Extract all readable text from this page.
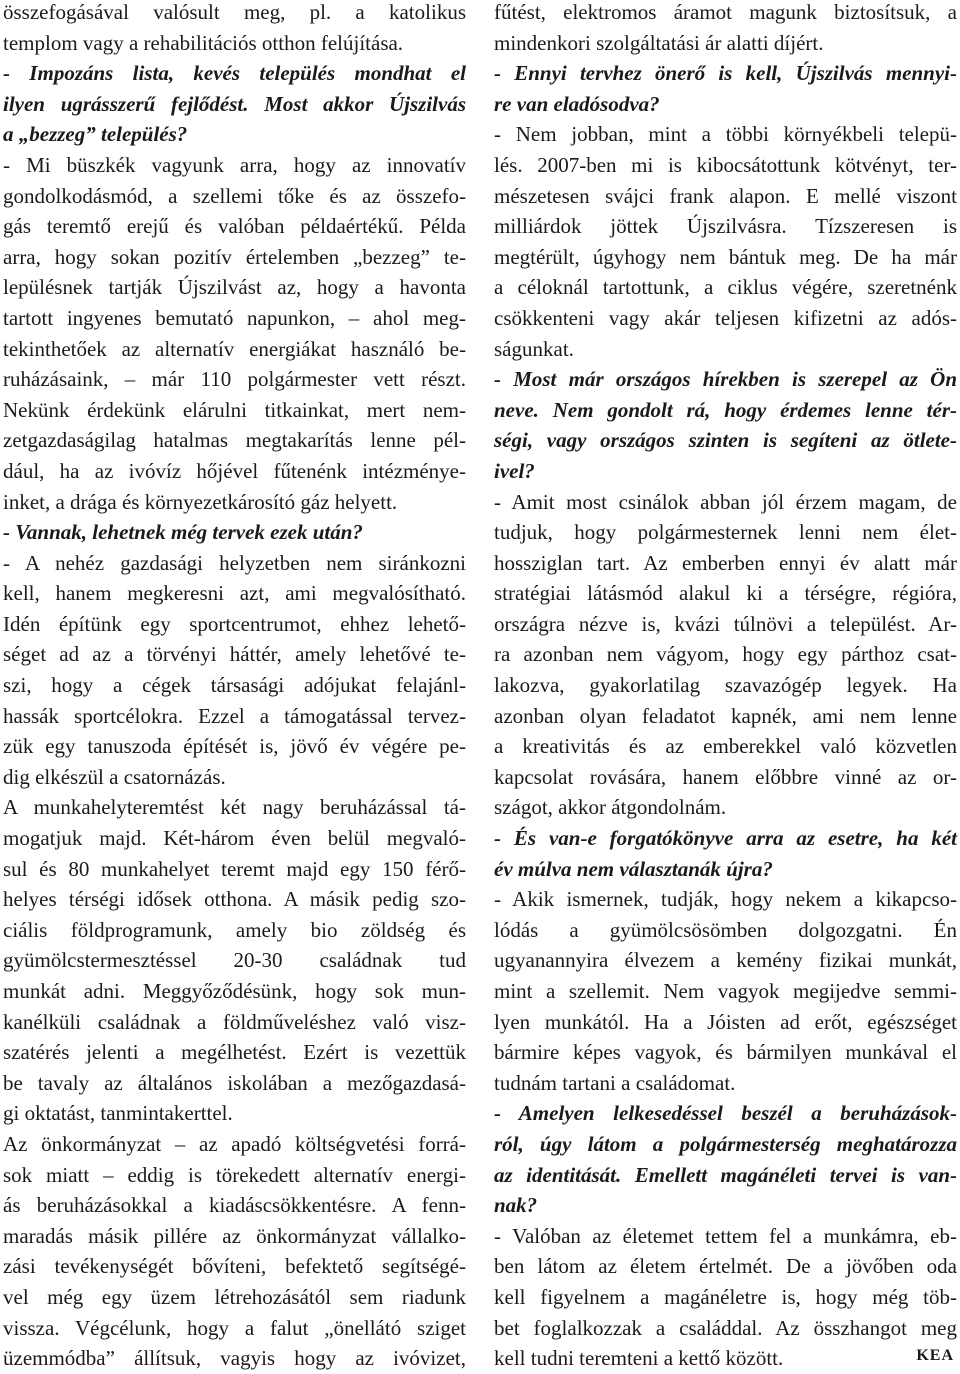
összefogásával valósult meg, pl. a katolikus
templom vagy a rehabilitációs otthon felújítása.
- Impozáns lista, kevés település mondhat el
ilyen ugrásszerű fejlődést. Most akkor Újszilvás
a „bezzeg” település?
- Mi büszkék vagyunk arra, hogy az innovatív
gondolkodásmód, a szellemi tőke és az összefo-
gás teremtő erejű és valóban példaértékű. Példa
arra, hogy sokan pozitív értelemben „bezzeg” te-
lepülésnek tartják Újszilvást az, hogy a havonta
tartott ingyenes bemutató napunkon, – ahol meg-
tekinthetőek az alternatív energiákat használó be-
ruházásaink, – már 110 polgármester vett részt.
Nekünk érdekünk elárulni titkainkat, mert nem-
zetgazdaságilag hatalmas megtakarítás lenne pél-
dául, ha az ivóvíz hőjével fűtenénk intézménye-
inket, a drága és környezetkárosító gáz helyett.
- Vannak, lehetnek még tervek ezek után?
- A nehéz gazdasági helyzetben nem siránkozni
kell, hanem megkeresni azt, ami megvalósítható.
Idén építünk egy sportcentrumot, ehhez lehető-
séget ad az a törvényi háttér, amely lehetővé te-
szi, hogy a cégek társasági adójukat felajánl-
hassák sportcélokra. Ezzel a támogatással tervez-
zük egy tanuszoda építését is, jövő év végére pe-
dig elkészül a csatornázás.
A munkahelyteremtést két nagy beruházással tá-
mogatjuk majd. Két-három éven belül megvaló-
sul és 80 munkahelyet teremt majd egy 150 férő-
helyes térségi idősek otthona. A másik pedig szo-
ciális földprogramunk, amely bio zöldség és
gyümölcstermesztéssel 20-30 családnak tud
munkát adni. Meggyőződésünk, hogy sok mun-
kanélküli családnak a földműveléshez való visz-
szatérés jelenti a megélhetést. Ezért is vezettük
be tavaly az általános iskolában a mezőgazdasá-
gi oktatást, tanmintakerttel.
Az önkormányzat – az apadó költségvetési forrá-
sok miatt – eddig is törekedett alternatív energi-
ás beruházásokkal a kiadáscsökkentésre. A fenn-
maradás másik pillére az önkormányzat vállalko-
zási tevékenységét bővíteni, befektető segítségé-
vel még egy üzem létrehozásától sem riadunk
vissza. Végcélunk, hogy a falut „önellátó sziget
üzemmódba” állítsuk, vagyis hogy az ivóvizet,
fűtést, elektromos áramot magunk biztosítsuk, a
mindenkori szolgáltatási ár alatti díjért.
- Ennyi tervhez önerő is kell, Újszilvás mennyi-
re van eladósodva?
- Nem jobban, mint a többi környékbeli telepü-
lés. 2007-ben mi is kibocsátottunk kötvényt, ter-
mészetesen svájci frank alapon. E mellé viszont
milliárdok jöttek Újszilvásra. Tízszeresen is
megtérült, úgyhogy nem bántuk meg. De ha már
a céloknál tartottunk, a ciklus végére, szeretnénk
csökkenteni vagy akár teljesen kifizetni az adós-
ságunkat.
- Most már országos hírekben is szerepel az Ön
neve. Nem gondolt rá, hogy érdemes lenne tér-
ségi, vagy országos szinten is segíteni az ötlete-
ivel?
- Amit most csinálok abban jól érzem magam, de
tudjuk, hogy polgármesternek lenni nem élet-
hossziglan tart. Az emberben ennyi év alatt már
stratégiai látásmód alakul ki a térségre, régióra,
országra nézve is, kvázi túlnövi a települést. Ar-
ra azonban nem vágyom, hogy egy párthoz csat-
lakozva, gyakorlatilag szavazógép legyek. Ha
azonban olyan feladatot kapnék, ami nem lenne
a kreativitás és az emberekkel való közvetlen
kapcsolat rovására, hanem előbbre vinné az or-
szágot, akkor átgondolnám.
- És van-e forgatókönyve arra az esetre, ha két
év múlva nem választanák újra?
- Akik ismernek, tudják, hogy nekem a kikapcso-
lódás a gyümölcsösömben dolgozgatni. Én
ugyanannyira élvezem a kemény fizikai munkát,
mint a szellemit. Nem vagyok megijedve semmi-
lyen munkától. Ha a Jóisten ad erőt, egészséget
bármire képes vagyok, és bármilyen munkával el
tudnám tartani a családomat.
- Amelyen lelkesedéssel beszél a beruházások-
ról, úgy látom a polgármesterség meghatározza
az identitását. Emellett magánéleti tervei is van-
nak?
- Valóban az életemet tettem fel a munkámra, eb-
ben látom az életem értelmét. De a jövőben oda
kell figyelnem a magánéletre is, hogy még töb-
bet foglalkozzak a családdal. Az összhangot meg
kell tudni teremteni a kettő között.	KEA
